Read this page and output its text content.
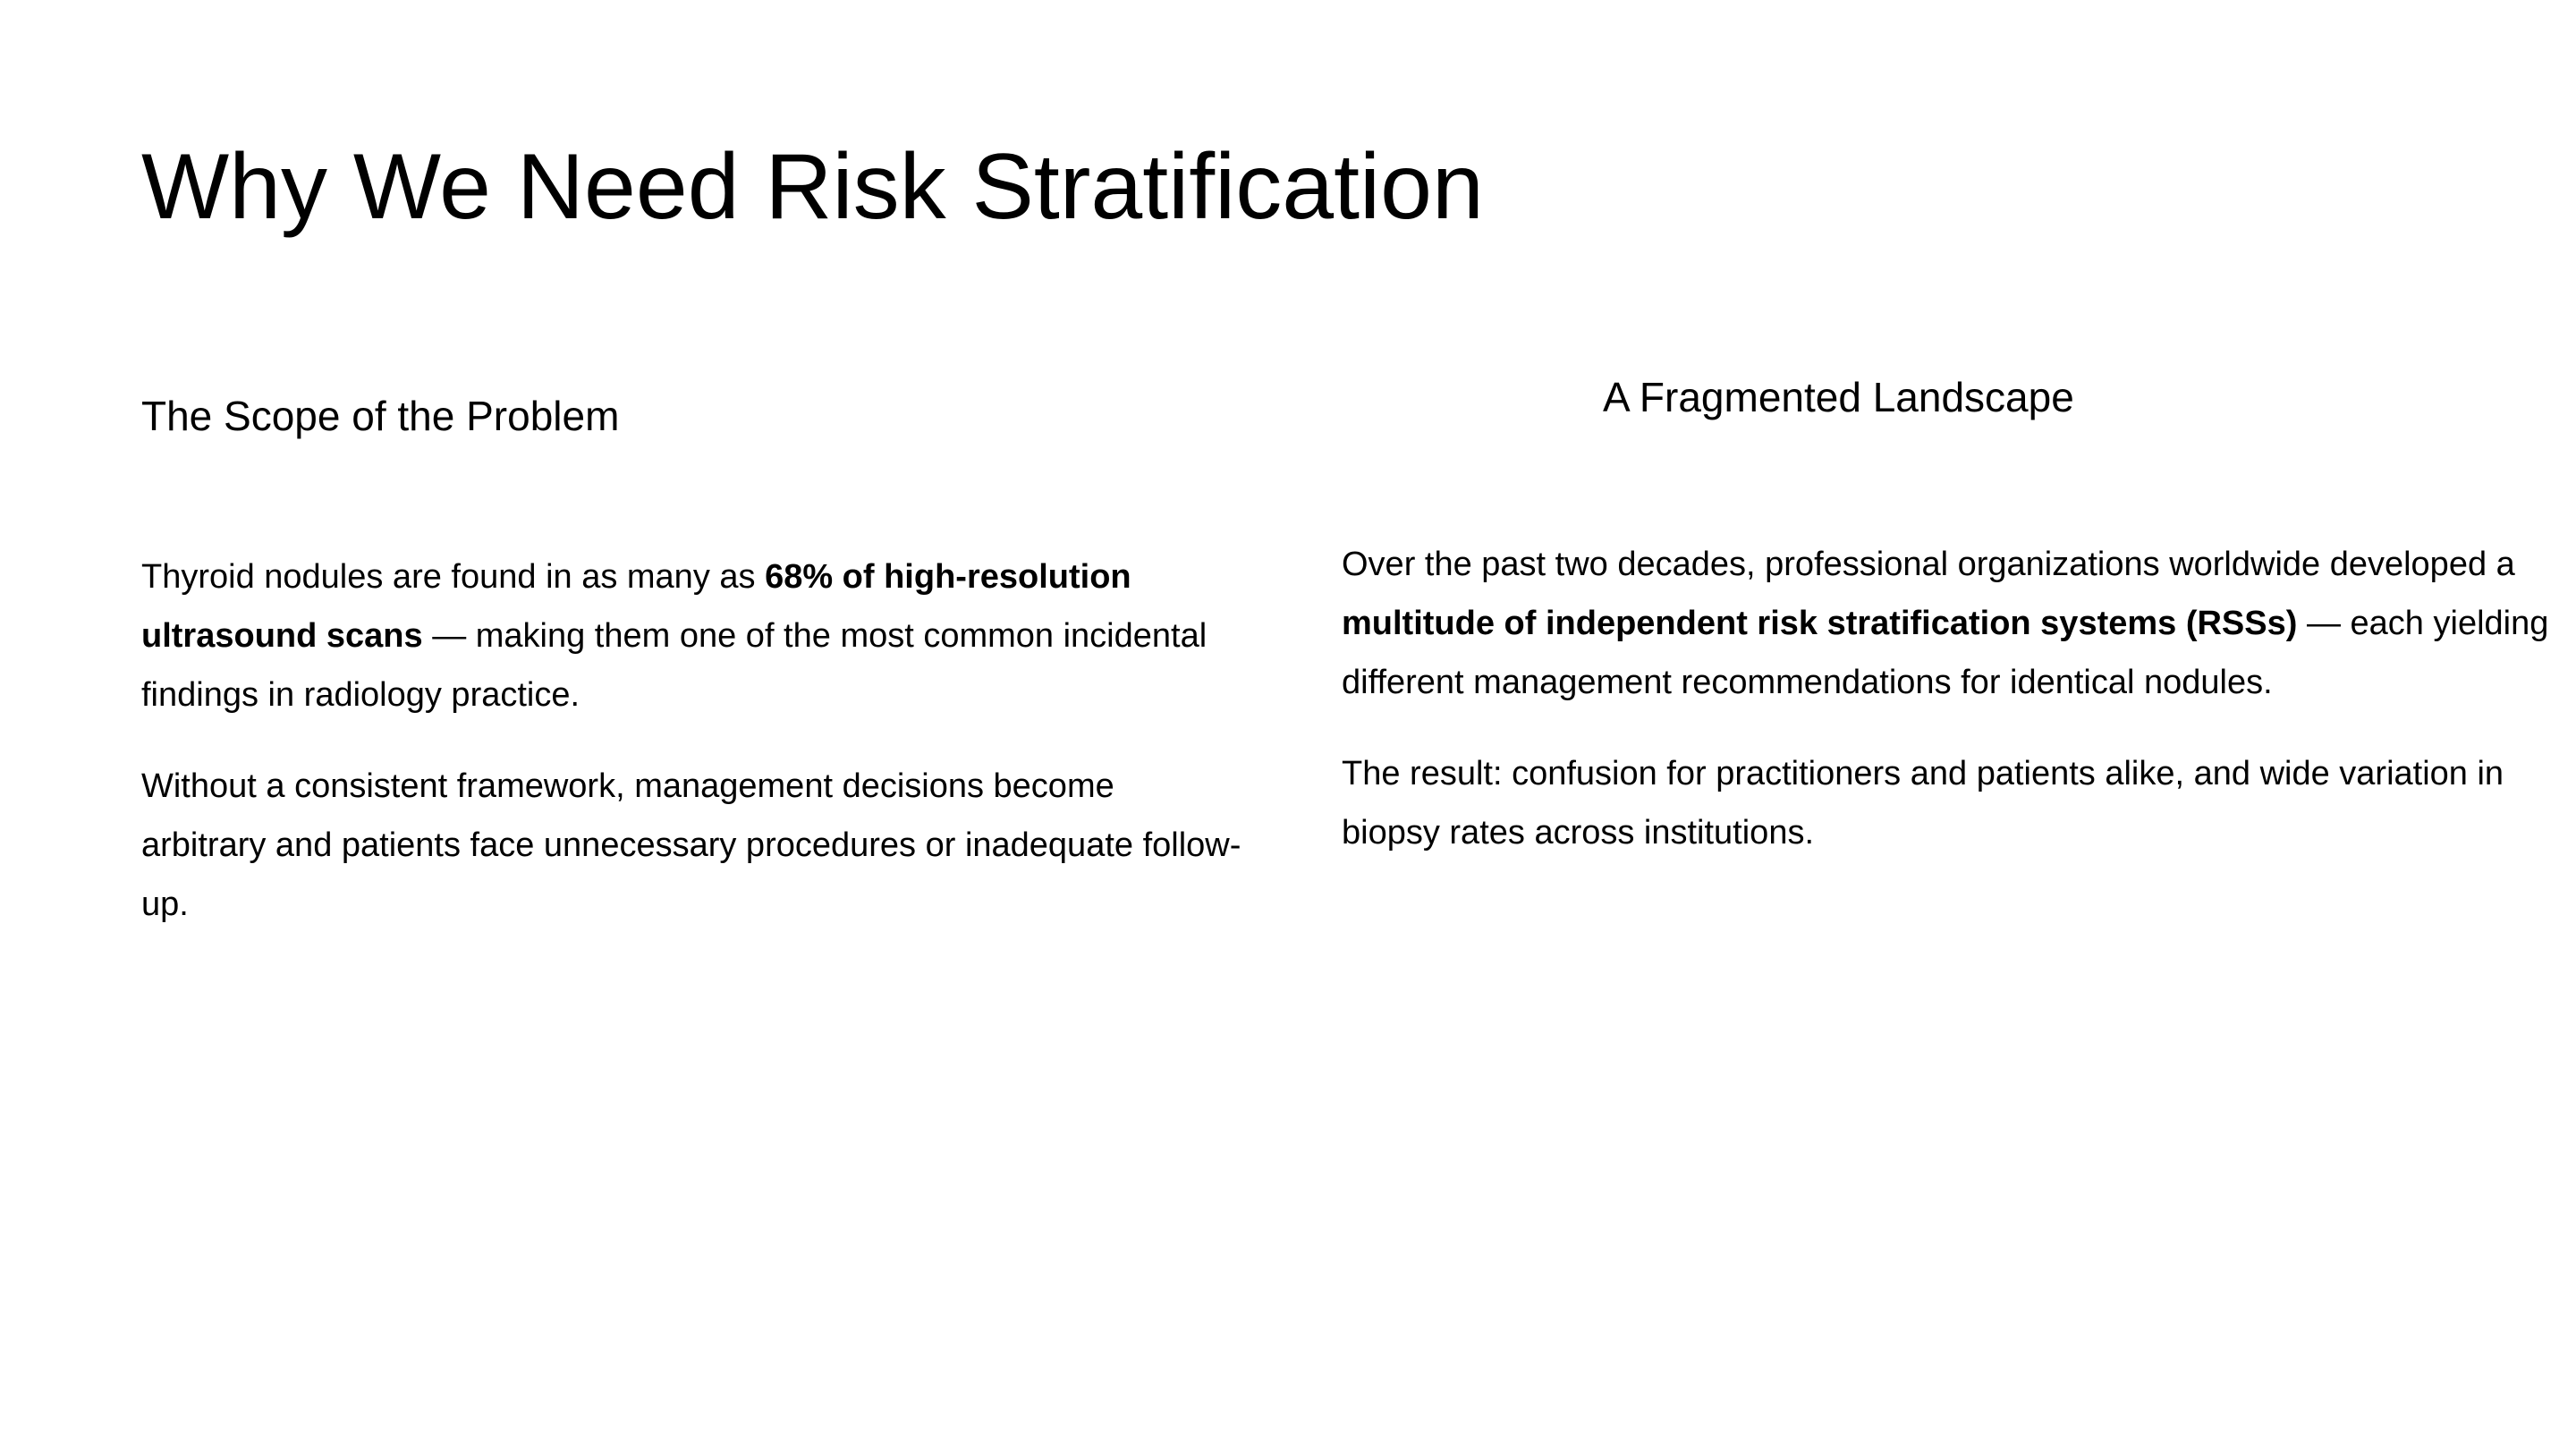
Why We Need Risk Stratification
The Scope of the Problem

Thyroid nodules are found in as many as 68% of high-resolution ultrasound scans — making them one of the most common incidental findings in radiology practice.

Without a consistent framework, management decisions become arbitrary and patients face unnecessary procedures or inadequate follow-up.

A Fragmented Landscape

Over the past two decades, professional organizations worldwide developed a multitude of independent risk stratification systems (RSSs) — each yielding different management recommendations for identical nodules.

The result: confusion for practitioners and patients alike, and wide variation in biopsy rates across institutions.
